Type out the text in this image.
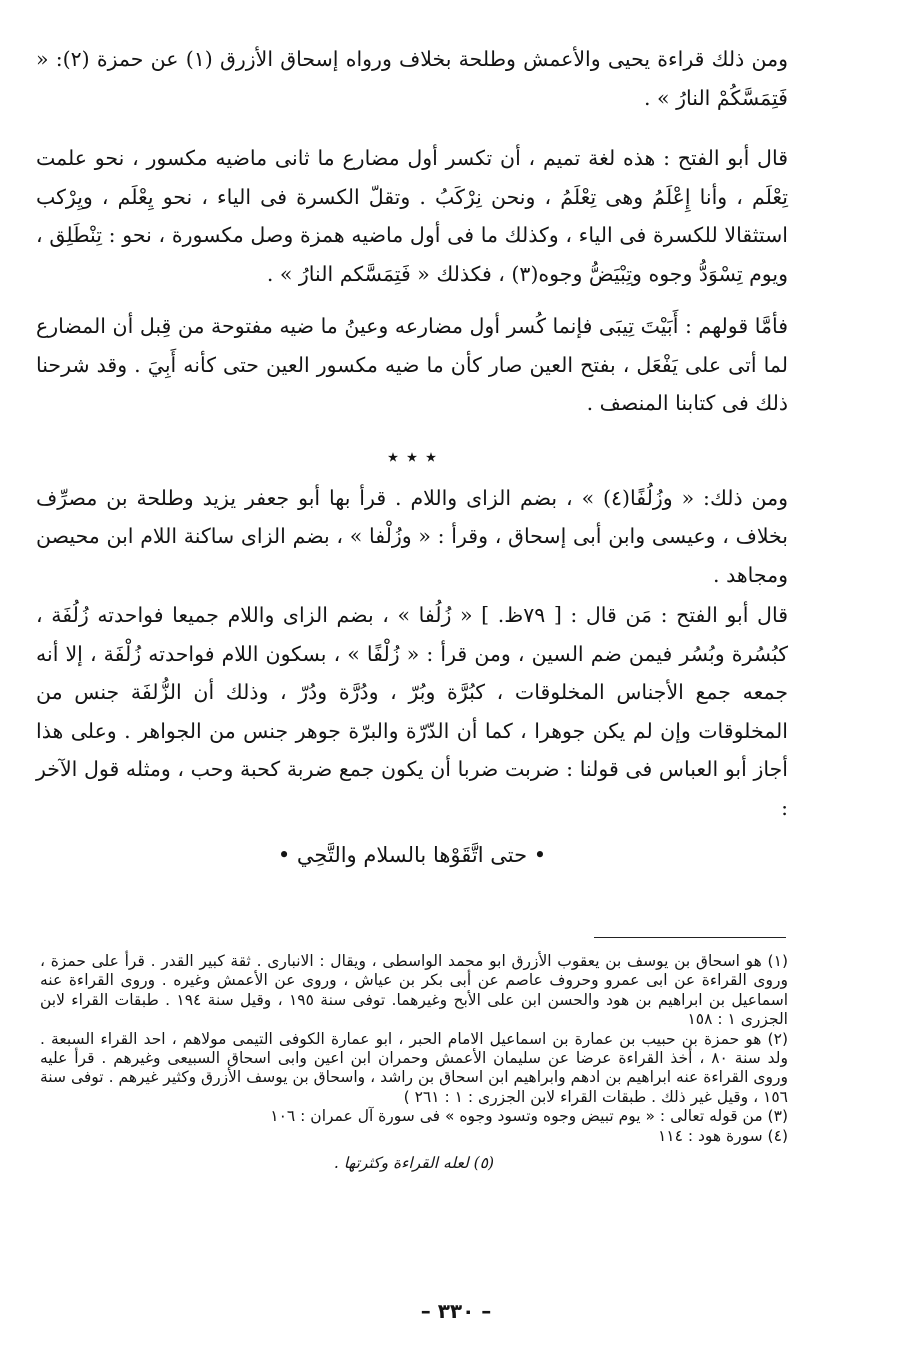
ومن ذلك قراءة يحيى والأعمش وطلحة بخلاف ورواه إسحاق الأزرق (١) عن حمزة (٢): « فَتِمَسَّكُمْ النارُ » .

قال أبو الفتح : هذه لغة تميم ، أن تكسر أول مضارع ما ثانى ماضيه مكسور ، نحو علمت تِعْلَم ، وأنا إِعْلَمُ وهى تِعْلَمُ ، ونحن نِرْكَبُ . وتقلّ الكسرة فى الياء ، نحو يِعْلَم ، ويِرْكب استثقالا للكسرة فى الياء ، وكذلك ما فى أول ماضيه همزة وصل مكسورة ، نحو : تِنْطَلِق ، ويوم تِسْوَدُّ وجوه وتِبْيَضُّ وجوه(٣) ، فكذلك « فَتِمَسَّكم النارُ » .

فأمَّا قولهم : أَبَيْتَ تِيبَى فإنما كُسر أول مضارعه وعينُ ما ضيه مفتوحة من قِبل أن المضارع لما أتى على يَفْعَل ، بفتح العين صار كأن ما ضيه مكسور العين حتى كأنه أَبِيَ . وقد شرحنا ذلك فى كتابنا المنصف .

٭ ٭ ٭

ومن ذلك: « وزُلُفًا(٤) » ، بضم الزاى واللام . قرأ بها أبو جعفر يزيد وطلحة بن مصرِّف بخلاف ، وعيسى وابن أبى إسحاق ، وقرأ : « وزُلْفا » ، بضم الزاى ساكنة اللام ابن محيصن ومجاهد .

قال أبو الفتح : مَن قال : [ ٧٩ظ. ] « زُلُفا » ، بضم الزاى واللام جميعا فواحدته زُلُفَة ، كبُسُرة وبُسُر فيمن ضم السين ، ومن قرأ : « زُلْفًا » ، بسكون اللام فواحدته زُلْفَة ، إلا أنه جمعه جمع الأجناس المخلوقات ، كبُرَّة وبُرّ ، ودُرَّة ودُرّ ، وذلك أن الزُّلفَة جنس من المخلوقات وإن لم يكن جوهرا ، كما أن الدّرّة والبرّة جوهر جنس من الجواهر . وعلى هذا أجاز أبو العباس فى قولنا : ضربت ضربا أن يكون جمع ضربة كحبة وحب ، ومثله قول الآخر :

• حتى اتَّقَوْها بالسلام والتَّحِي •

(١) هو اسحاق بن يوسف بن يعقوب الأزرق ابو محمد الواسطى ، ويقال : الانبارى . ثقة كبير القدر . قرأ على حمزة ، وروى القراءة عن ابى عمرو وحروف عاصم عن أبى بكر بن عياش ، وروى عن الأعمش وغيره . وروى القراءة عنه اسماعيل بن ابراهيم بن هود والحسن ابن على الأبح وغيرهما. توفى سنة ١٩٥ ، وقيل سنة ١٩٤ . طبقات القراء لابن الجزرى ١ : ١٥٨

(٢) هو حمزة بن حبيب بن عمارة بن اسماعيل الامام الحبر ، ابو عمارة الكوفى التيمى مولاهم ، احد القراء السبعة . ولد سنة ٨٠ ، أخذ القراءة عرضا عن سليمان الأعمش وحمران ابن اعين وابى اسحاق السبيعى وغيرهم . قرأ عليه وروى القراءة عنه ابراهيم بن ادهم وابراهيم ابن اسحاق بن راشد ، واسحاق بن يوسف الأزرق وكثير غيرهم . توفى سنة ١٥٦ ، وقيل غير ذلك . طبقات القراء لابن الجزرى : ١ : ٢٦١ )

(٣) من قوله تعالى : « يوم تبيض وجوه وتسود وجوه » فى سورة آل عمران : ١٠٦

(٤) سورة هود : ١١٤

(٥) لعله القراءة وكثرتها .

– ٣٣٠ –
